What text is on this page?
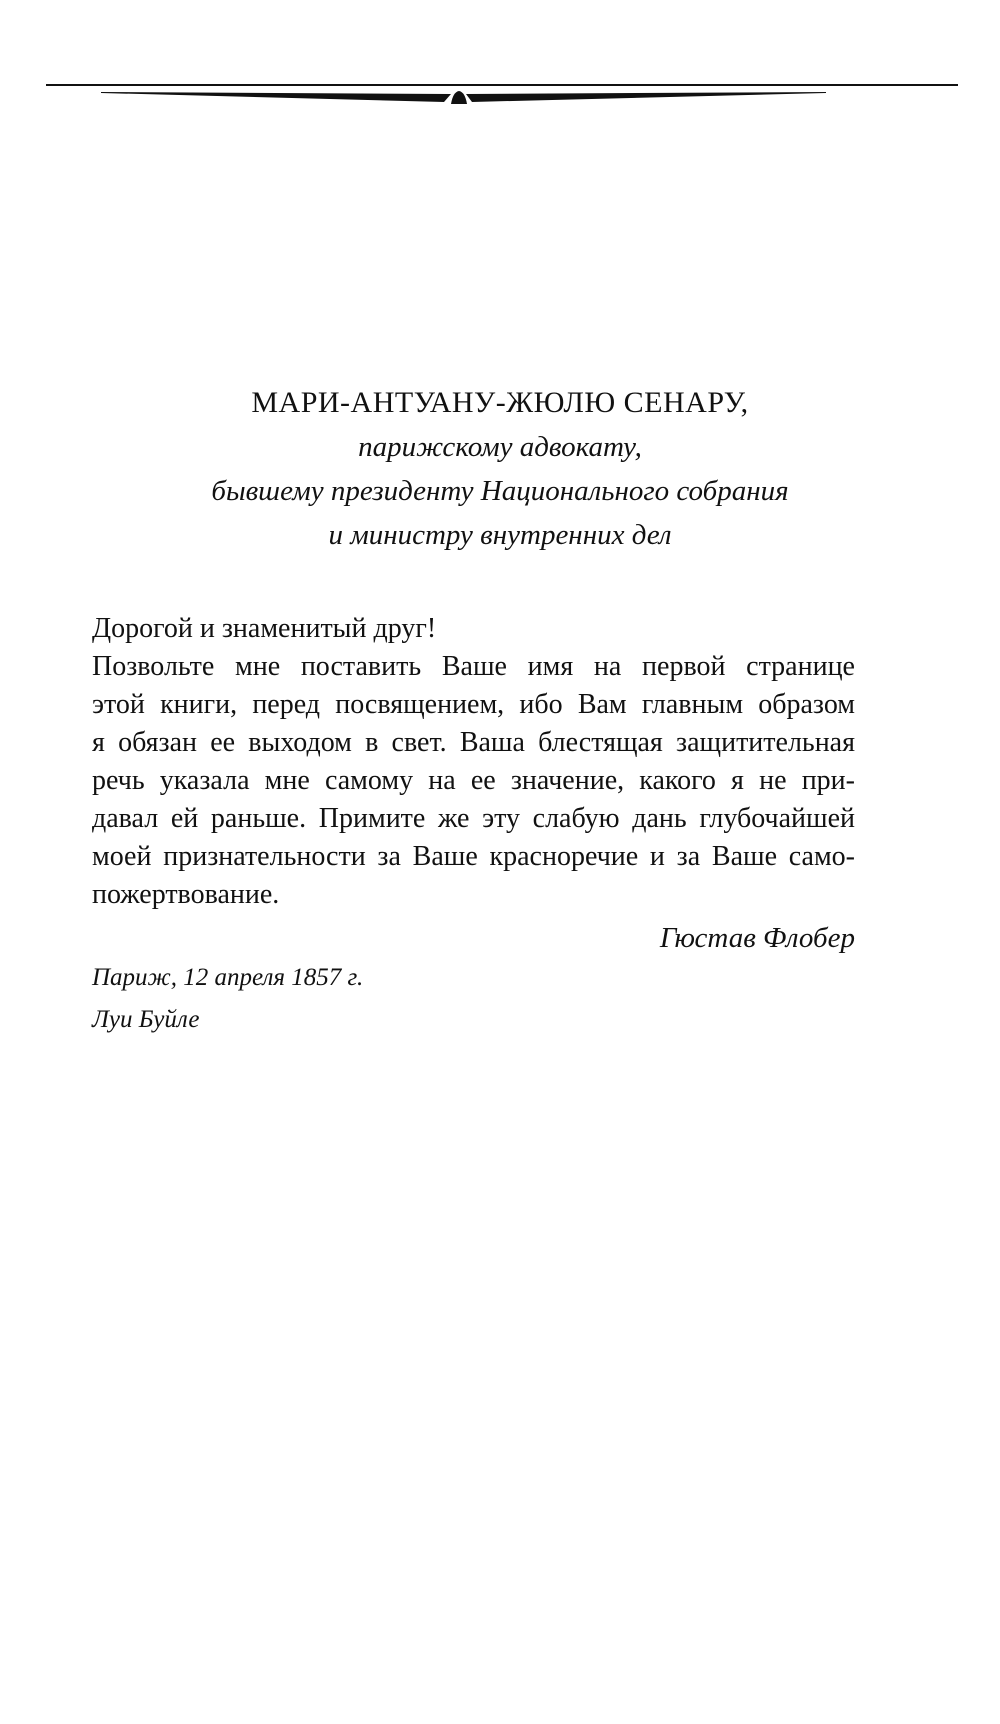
МАРИ-АНТУАНУ-ЖЮЛЮ СЕНАРУ,
парижскому адвокату,
бывшему президенту Национального собрания
и министру внутренних дел
Дорогой и знаменитый друг!
Позвольте мне поставить Ваше имя на первой странице
этой книги, перед посвящением, ибо Вам главным образом
я обязан ее выходом в свет. Ваша блестящая защитительная
речь указала мне самому на ее значение, какого я не при-
давал ей раньше. Примите же эту слабую дань глубочайшей
моей признательности за Ваше красноречие и за Ваше само-
пожертвование.
Гюстав Флобер
Париж, 12 апреля 1857 г.
Луи Буйле
